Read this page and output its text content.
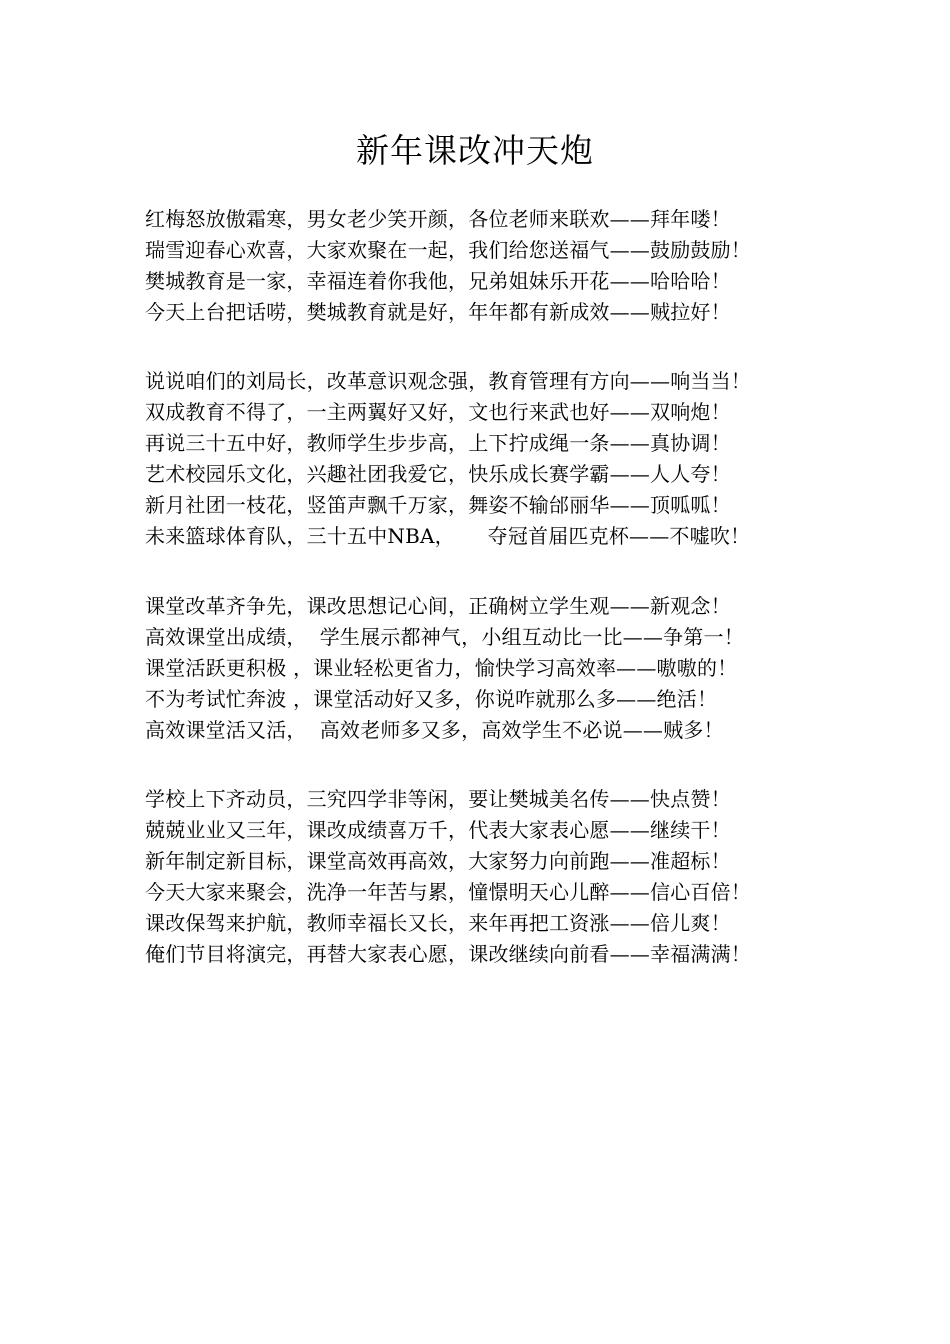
新年课改冲天炮
红梅怒放傲霜寒，男女老少笑开颜，各位老师来联欢——拜年喽！
瑞雪迎春心欢喜，大家欢聚在一起，我们给您送福气——鼓励鼓励！
樊城教育是一家，幸福连着你我他，兄弟姐妹乐开花——哈哈哈！
今天上台把话唠，樊城教育就是好，年年都有新成效——贼拉好！
说说咱们的刘局长，改革意识观念强，教育管理有方向——响当当！
双成教育不得了，一主两翼好又好，文也行来武也好——双响炮！
再说三十五中好，教师学生步步高，上下拧成绳一条——真协调！
艺术校园乐文化，兴趣社团我爱它，快乐成长赛学霸——人人夸！
新月社团一枝花，竖笛声飘千万家，舞姿不输邰丽华——顶呱呱！
未来篮球体育队，三十五中NBA，     夺冠首届匹克杯——不嘘吹！
课堂改革齐争先，课改思想记心间，正确树立学生观——新观念！
高效课堂出成绩，  学生展示都神气，小组互动比一比——争第一！
课堂活跃更积极 ，课业轻松更省力，愉快学习高效率——嗷嗷的！
不为考试忙奔波 ，课堂活动好又多，你说咋就那么多——绝活！
高效课堂活又活，  高效老师多又多，高效学生不必说——贼多！
学校上下齐动员，三究四学非等闲，要让樊城美名传——快点赞！
兢兢业业又三年，课改成绩喜万千，代表大家表心愿——继续干！
新年制定新目标，课堂高效再高效，大家努力向前跑——准超标！
今天大家来聚会，洗净一年苦与累，憧憬明天心儿醉——信心百倍！
课改保驾来护航，教师幸福长又长，来年再把工资涨——倍儿爽！
俺们节目将演完，再替大家表心愿，课改继续向前看——幸福满满！
